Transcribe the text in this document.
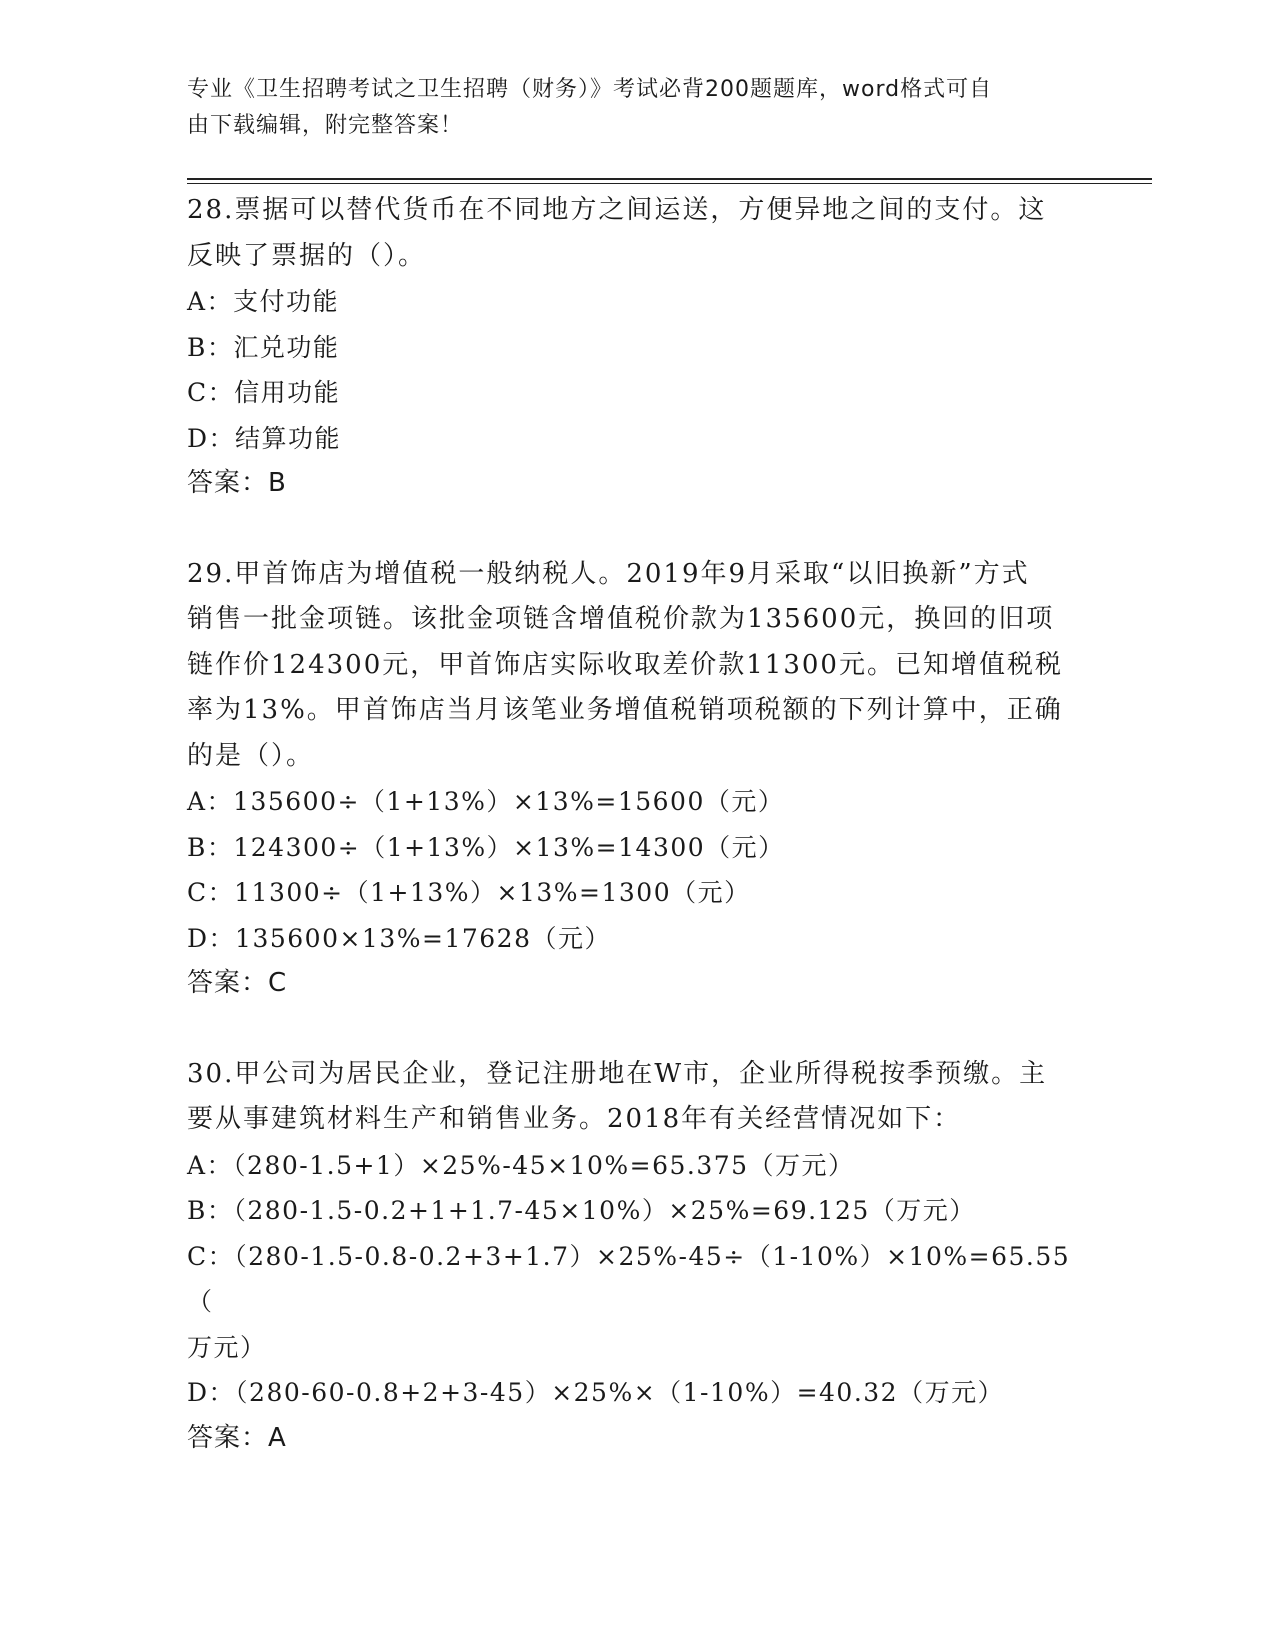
专业《卫生招聘考试之卫生招聘（财务）》考试必背200题题库，word格式可自
由下载编辑，附完整答案！

28.票据可以替代货币在不同地方之间运送，方便异地之间的支付。这

反映了票据的（）。

A：支付功能

B：汇兑功能

C：信用功能

D：结算功能

答案：B

29.甲首饰店为增值税一般纳税人。2019年9月采取“以旧换新”方式

销售一批金项链。该批金项链含增值税价款为135600元，换回的旧项

链作价124300元，甲首饰店实际收取差价款11300元。已知增值税税

率为13%。甲首饰店当月该笔业务增值税销项税额的下列计算中，正确

的是（）。

A：135600÷（1+13%）×13%=15600（元）

B：124300÷（1+13%）×13%=14300（元）

C：11300÷（1+13%）×13%=1300（元）

D：135600×13%=17628（元）

答案：C

30.甲公司为居民企业，登记注册地在W市，企业所得税按季预缴。主

要从事建筑材料生产和销售业务。2018年有关经营情况如下：

A：（280-1.5+1）×25%-45×10%=65.375（万元）

B：（280-1.5-0.2+1+1.7-45×10%）×25%=69.125（万元）

C：（280-1.5-0.8-0.2+3+1.7）×25%-45÷（1-10%）×10%=65.55（

万元）

D：（280-60-0.8+2+3-45）×25%×（1-10%）=40.32（万元）

答案：A
